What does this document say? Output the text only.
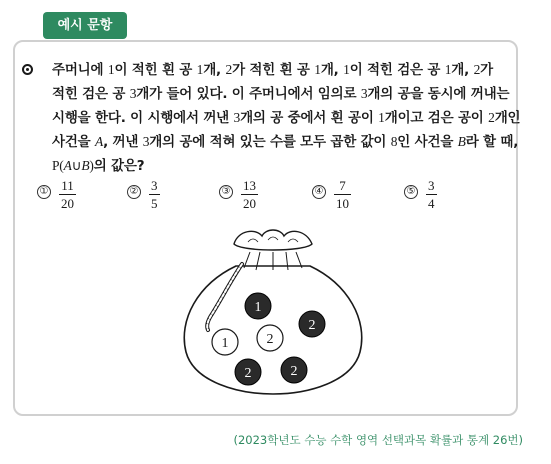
예시 문항
주머니에 1이 적힌 흰 공 1개, 2가 적힌 흰 공 1개, 1이 적힌 검은 공 1개, 2가
적힌 검은 공 3개가 들어 있다. 이 주머니에서 임의로 3개의 공을 동시에 꺼내는
시행을 한다. 이 시행에서 꺼낸 3개의 공 중에서 흰 공이 1개이고 검은 공이 2개인
사건을 A, 꺼낸 3개의 공에 적혀 있는 수를 모두 곱한 값이 8인 사건을 B라 할 때,
P(A∪B)의 값은?
① 11
20
② 3
5
③ 13
20
④	7
10
⑤ 3
4
1
2
1	2
2	2
(2023학년도 수능 수학 영역 선택과목 확률과 통계 26번)
